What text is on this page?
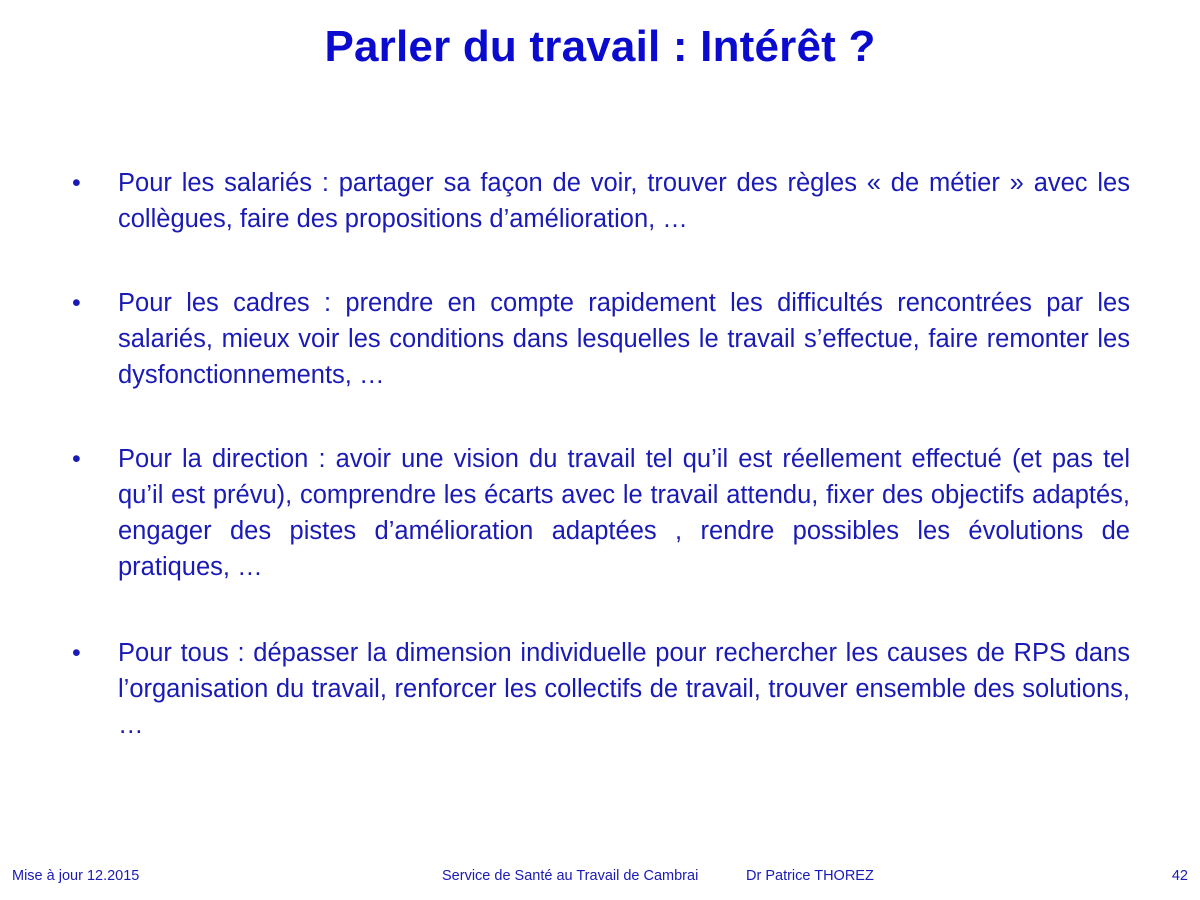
Parler du travail : Intérêt ?
• Pour les salariés : partager sa façon de voir, trouver des règles « de métier » avec les collègues, faire des propositions d’amélioration, …
• Pour les cadres : prendre en compte rapidement les difficultés rencontrées par les salariés, mieux voir les conditions dans lesquelles le travail s’effectue, faire remonter les dysfonctionnements, …
• Pour la direction : avoir une vision du travail tel qu’il est réellement effectué (et pas tel qu’il est prévu), comprendre les écarts avec le travail attendu, fixer des objectifs adaptés, engager des pistes d’amélioration adaptées , rendre possibles les évolutions de pratiques, …
• Pour tous : dépasser la dimension individuelle pour rechercher les causes de RPS dans l’organisation du travail, renforcer les collectifs de travail, trouver ensemble des solutions, …
Mise à jour 12.2015	Service de Santé au Travail de Cambrai	Dr Patrice THOREZ	42
